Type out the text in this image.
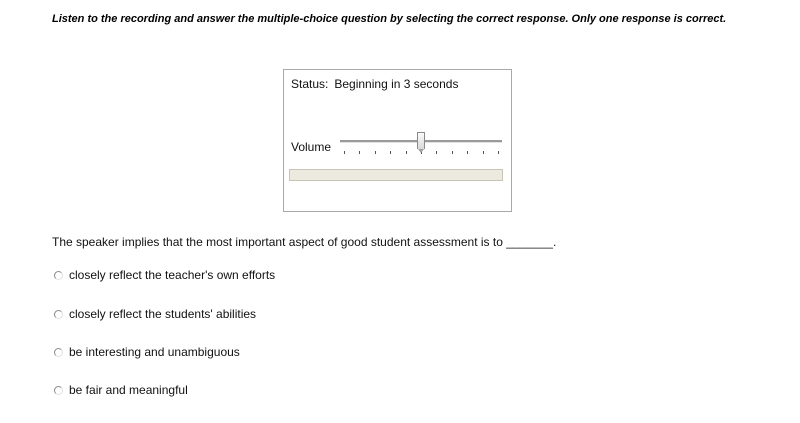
Listen to the recording and answer the multiple-choice question by selecting the correct response. Only one response is correct.
Status: Beginning in 3 seconds
Volume
The speaker implies that the most important aspect of good student assessment is to _______.
closely reflect the teacher's own efforts
closely reflect the students' abilities
be interesting and unambiguous
be fair and meaningful
